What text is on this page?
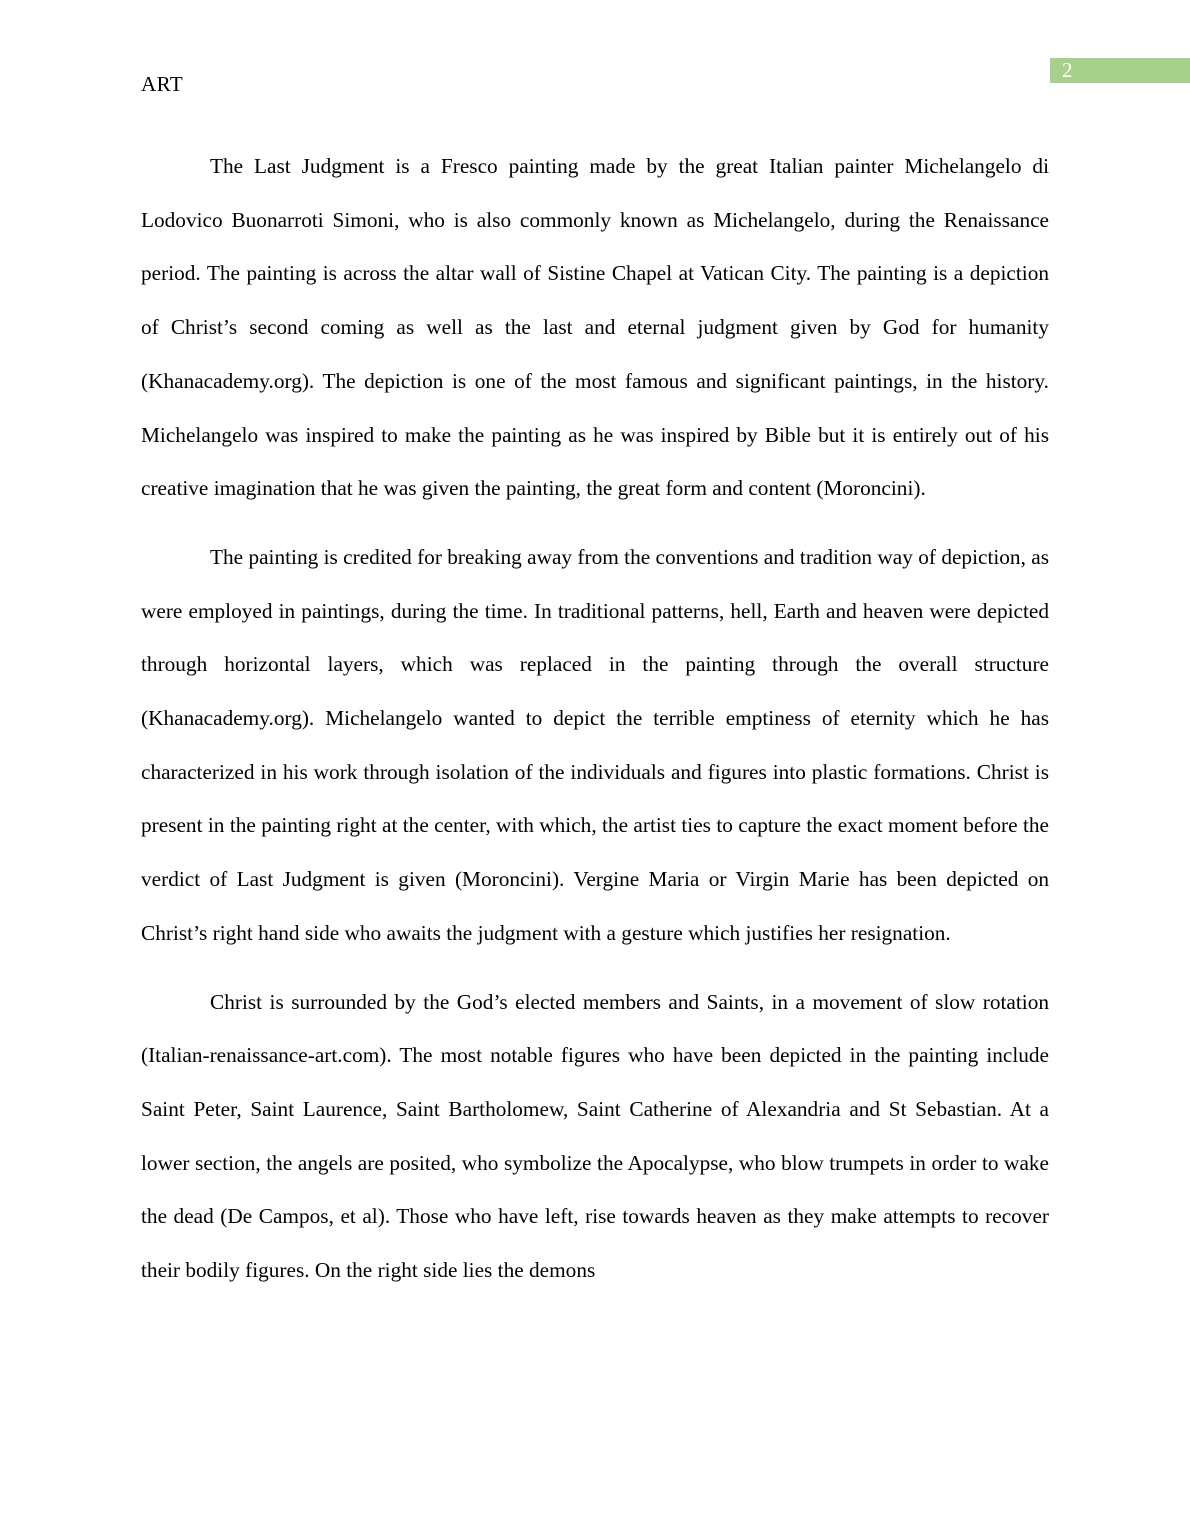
2
ART

The Last Judgment is a Fresco painting made by the great Italian painter Michelangelo di Lodovico Buonarroti Simoni, who is also commonly known as Michelangelo, during the Renaissance period. The painting is across the altar wall of Sistine Chapel at Vatican City. The painting is a depiction of Christ’s second coming as well as the last and eternal judgment given by God for humanity (Khanacademy.org). The depiction is one of the most famous and significant paintings, in the history. Michelangelo was inspired to make the painting as he was inspired by Bible but it is entirely out of his creative imagination that he was given the painting, the great form and content (Moroncini).

The painting is credited for breaking away from the conventions and tradition way of depiction, as were employed in paintings, during the time. In traditional patterns, hell, Earth and heaven were depicted through horizontal layers, which was replaced in the painting through the overall structure (Khanacademy.org). Michelangelo wanted to depict the terrible emptiness of eternity which he has characterized in his work through isolation of the individuals and figures into plastic formations. Christ is present in the painting right at the center, with which, the artist ties to capture the exact moment before the verdict of Last Judgment is given (Moroncini). Vergine Maria or Virgin Marie has been depicted on Christ’s right hand side who awaits the judgment with a gesture which justifies her resignation.

Christ is surrounded by the God’s elected members and Saints, in a movement of slow rotation (Italian-renaissance-art.com). The most notable figures who have been depicted in the painting include Saint Peter, Saint Laurence, Saint Bartholomew, Saint Catherine of Alexandria and St Sebastian. At a lower section, the angels are posited, who symbolize the Apocalypse, who blow trumpets in order to wake the dead (De Campos, et al). Those who have left, rise towards heaven as they make attempts to recover their bodily figures. On the right side lies the demons
